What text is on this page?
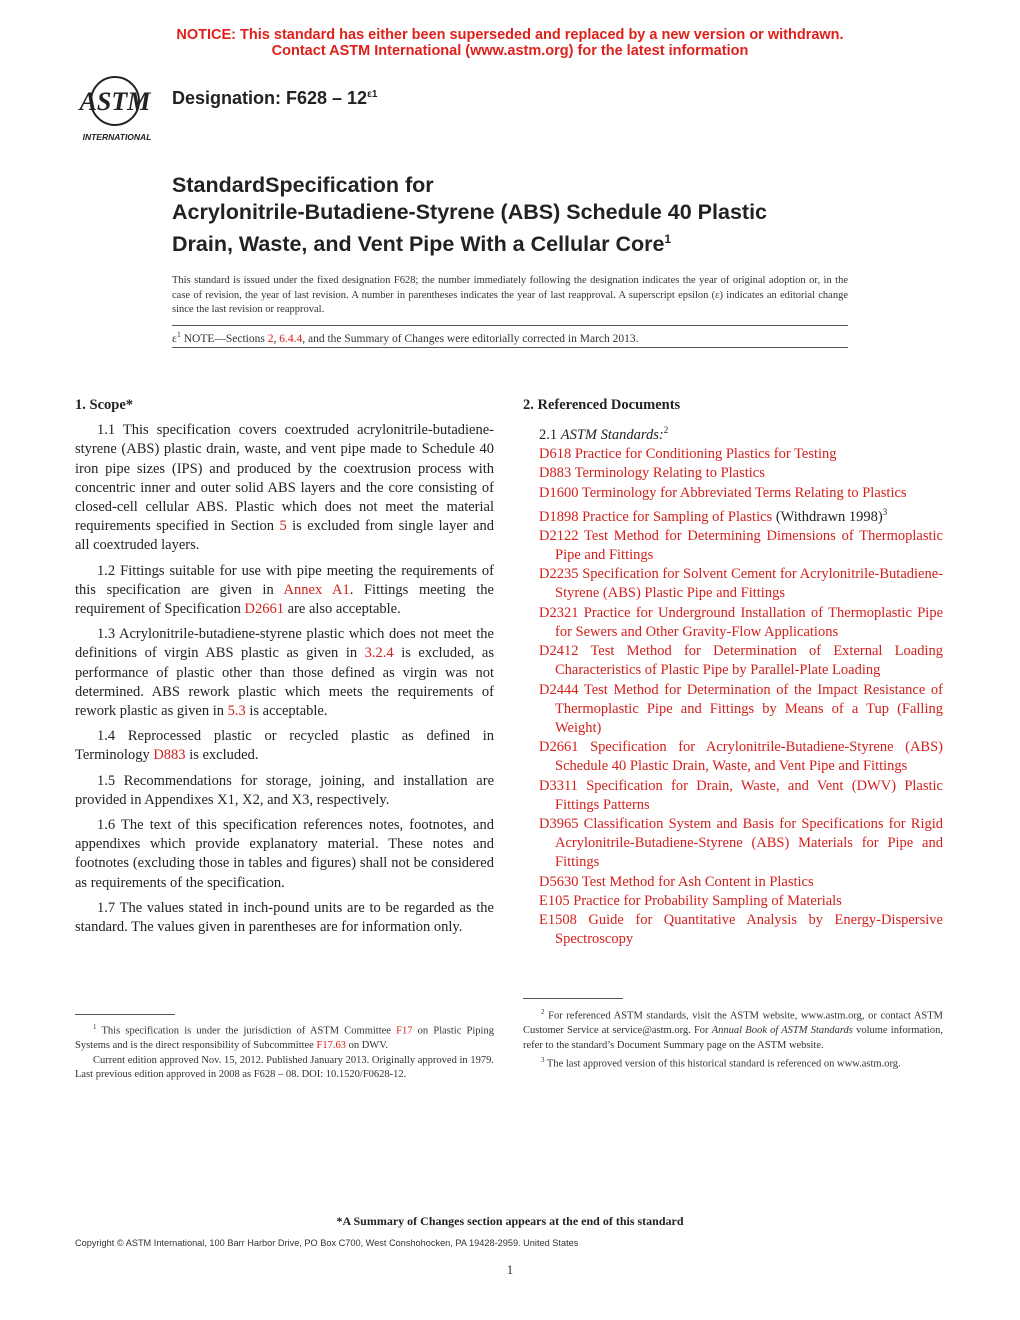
NOTICE: This standard has either been superseded and replaced by a new version or withdrawn.
Contact ASTM International (www.astm.org) for the latest information
ASTM
INTERNATIONAL
Designation: $F628 - 12^{\varepsilon 1}$
StandardSpecification for
Acrylonitrile-Butadiene-Styrene (ABS) Schedule 40 Plastic
Drain, Waste, and Vent Pipe With a Cellular Core$^1$
This standard is issued under the fixed designation F628; the number immediately following the designation indicates the year of original adoption or, in the case of revision, the year of last revision. A number in parentheses indicates the year of last reapproval. A superscript epsilon (ε) indicates an editorial change since the last revision or reapproval.
$\varepsilon^1$ NOTE—Sections 2, 6.4.4, and the Summary of Changes were editorially corrected in March 2013.
1. Scope*

1.1 This specification covers coextruded acrylonitrile-butadiene-styrene (ABS) plastic drain, waste, and vent pipe made to Schedule 40 iron pipe sizes (IPS) and produced by the coextrusion process with concentric inner and outer solid ABS layers and the core consisting of closed-cell cellular ABS. Plastic which does not meet the material requirements specified in Section 5 is excluded from single layer and all coextruded layers.

1.2 Fittings suitable for use with pipe meeting the requirements of this specification are given in Annex A1. Fittings meeting the requirement of Specification D2661 are also acceptable.

1.3 Acrylonitrile-butadiene-styrene plastic which does not meet the definitions of virgin ABS plastic as given in 3.2.4 is excluded, as performance of plastic other than those defined as virgin was not determined. ABS rework plastic which meets the requirements of rework plastic as given in 5.3 is acceptable.

1.4 Reprocessed plastic or recycled plastic as defined in Terminology D883 is excluded.

1.5 Recommendations for storage, joining, and installation are provided in Appendixes X1, X2, and X3, respectively.

1.6 The text of this specification references notes, footnotes, and appendixes which provide explanatory material. These notes and footnotes (excluding those in tables and figures) shall not be considered as requirements of the specification.

1.7 The values stated in inch-pound units are to be regarded as the standard. The values given in parentheses are for information only.

2. Referenced Documents
2.1 ASTM Standards:$^2$

D618 Practice for Conditioning Plastics for Testing

D883 Terminology Relating to Plastics

D1600 Terminology for Abbreviated Terms Relating to Plastics

D1898 Practice for Sampling of Plastics (Withdrawn 1998)$^3$

D2122 Test Method for Determining Dimensions of Thermoplastic Pipe and Fittings

D2235 Specification for Solvent Cement for Acrylonitrile-Butadiene-Styrene (ABS) Plastic Pipe and Fittings

D2321 Practice for Underground Installation of Thermoplastic Pipe for Sewers and Other Gravity-Flow Applications

D2412 Test Method for Determination of External Loading Characteristics of Plastic Pipe by Parallel-Plate Loading

D2444 Test Method for Determination of the Impact Resistance of Thermoplastic Pipe and Fittings by Means of a Tup (Falling Weight)

D2661 Specification for Acrylonitrile-Butadiene-Styrene (ABS) Schedule 40 Plastic Drain, Waste, and Vent Pipe and Fittings

D3311 Specification for Drain, Waste, and Vent (DWV) Plastic Fittings Patterns

D3965 Classification System and Basis for Specifications for Rigid Acrylonitrile-Butadiene-Styrene (ABS) Materials for Pipe and Fittings

D5630 Test Method for Ash Content in Plastics

E105 Practice for Probability Sampling of Materials

E1508 Guide for Quantitative Analysis by Energy-Dispersive Spectroscopy

$^1$ This specification is under the jurisdiction of ASTM Committee F17 on Plastic Piping Systems and is the direct responsibility of Subcommittee F17.63 on DWV.

Current edition approved Nov. 15, 2012. Published January 2013. Originally approved in 1979. Last previous edition approved in 2008 as F628 – 08. DOI: 10.1520/F0628-12.

$^2$ For referenced ASTM standards, visit the ASTM website, www.astm.org, or contact ASTM Customer Service at service@astm.org. For Annual Book of ASTM Standards volume information, refer to the standard’s Document Summary page on the ASTM website.

$^3$ The last approved version of this historical standard is referenced on www.astm.org.

*A Summary of Changes section appears at the end of this standard
Copyright © ASTM International, 100 Barr Harbor Drive, PO Box C700, West Conshohocken, PA 19428-2959. United States
1
